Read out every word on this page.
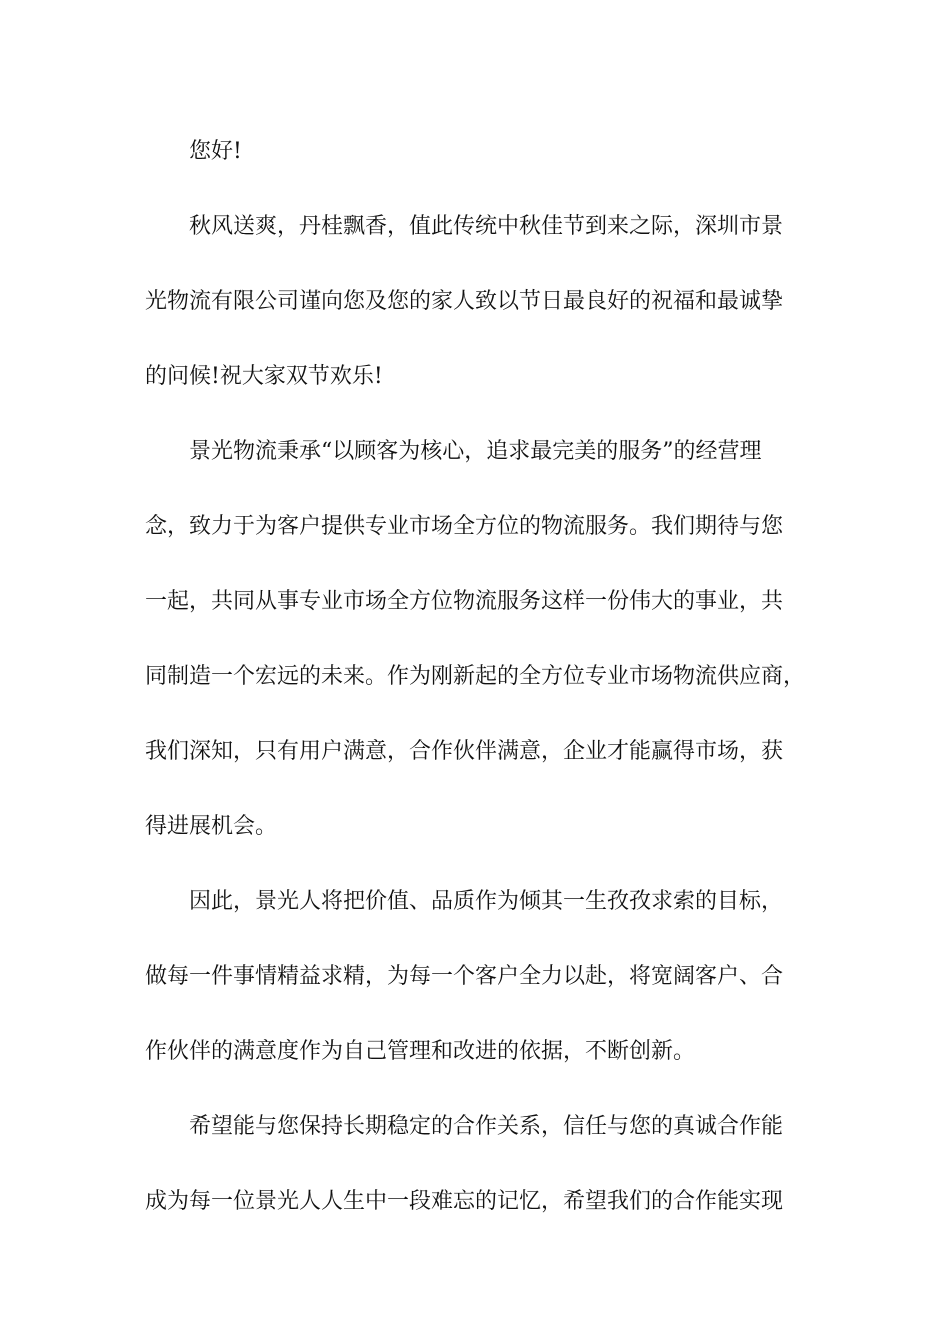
您好!
秋风送爽，丹桂飘香，值此传统中秋佳节到来之际，深圳市景
光物流有限公司谨向您及您的家人致以节日最良好的祝福和最诚挚
的问候!祝大家双节欢乐!
景光物流秉承“以顾客为核心，追求最完美的服务”的经营理
念，致力于为客户提供专业市场全方位的物流服务。我们期待与您
一起，共同从事专业市场全方位物流服务这样一份伟大的事业，共
同制造一个宏远的未来。作为刚新起的全方位专业市场物流供应商，
我们深知，只有用户满意，合作伙伴满意，企业才能赢得市场，获
得进展机会。
因此，景光人将把价值、品质作为倾其一生孜孜求索的目标，
做每一件事情精益求精，为每一个客户全力以赴，将宽阔客户、合
作伙伴的满意度作为自己管理和改进的依据，不断创新。
希望能与您保持长期稳定的合作关系，信任与您的真诚合作能
成为每一位景光人人生中一段难忘的记忆，希望我们的合作能实现
